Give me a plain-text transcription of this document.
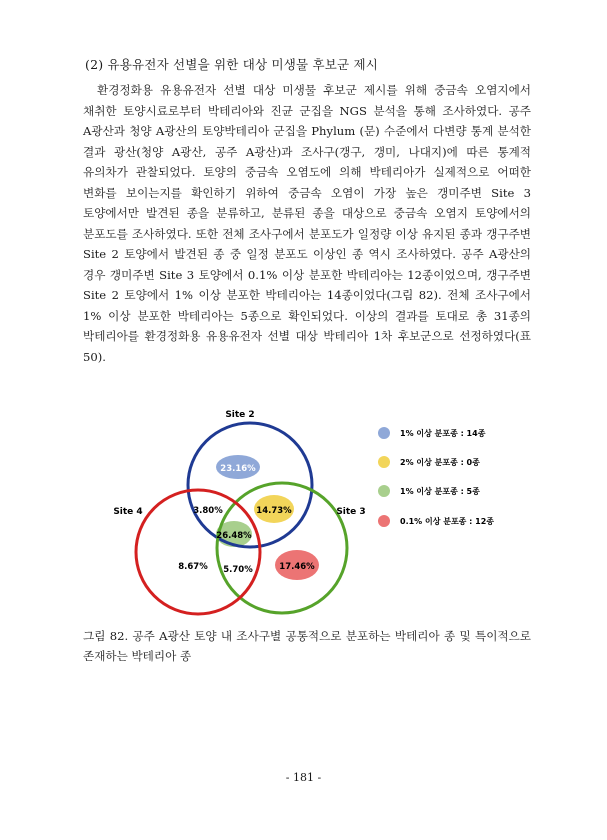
(2) 유용유전자 선별을 위한 대상 미생물 후보군 제시

환경정화용 유용유전자 선별 대상 미생물 후보군 제시를 위해 중금속 오염지에서 채취한 토양시료로부터 박테리아와 진균 군집을 NGS 분석을 통해 조사하였다. 공주 A광산과 청양 A광산의 토양박테리아 군집을 Phylum (문) 수준에서 다변량 통계 분석한 결과 광산(청양 A광산, 공주 A광산)과 조사구(갱구, 갱미, 나대지)에 따른 통계적 유의차가 관찰되었다. 토양의 중금속 오염도에 의해 박테리아가 실제적으로 어떠한 변화를 보이는지를 확인하기 위하여 중금속 오염이 가장 높은 갱미주변 Site 3 토양에서만 발견된 종을 분류하고, 분류된 종을 대상으로 중금속 오염지 토양에서의 분포도를 조사하였다. 또한 전체 조사구에서 분포도가 일정량 이상 유지된 종과 갱구주변 Site 2 토양에서 발견된 종 중 일정 분포도 이상인 종 역시 조사하였다. 공주 A광산의 경우 갱미주변 Site 3 토양에서 0.1% 이상 분포한 박테리아는 12종이었으며, 갱구주변 Site 2 토양에서 1% 이상 분포한 박테리아는 14종이었다(그림 82). 전체 조사구에서 1% 이상 분포한 박테리아는 5종으로 확인되었다. 이상의 결과를 토대로 총 31종의 박테리아를 환경정화용 유용유전자 선별 대상 박테리아 1차 후보군으로 선정하였다(표 50).

Site 2
Site 3
Site 4
23.16%
3.80%	14.73%
26.48%
8.67% 5.70%	17.46%
1% 이상 분포종 : 14종
2% 이상 분포종 : 0종
1% 이상 분포종 : 5종
0.1% 이상 분포종 : 12종

그림 82. 공주 A광산 토양 내 조사구별 공통적으로 분포하는 박테리아 종 및 특이적으로 존재하는 박테리아 종

- 181 -
